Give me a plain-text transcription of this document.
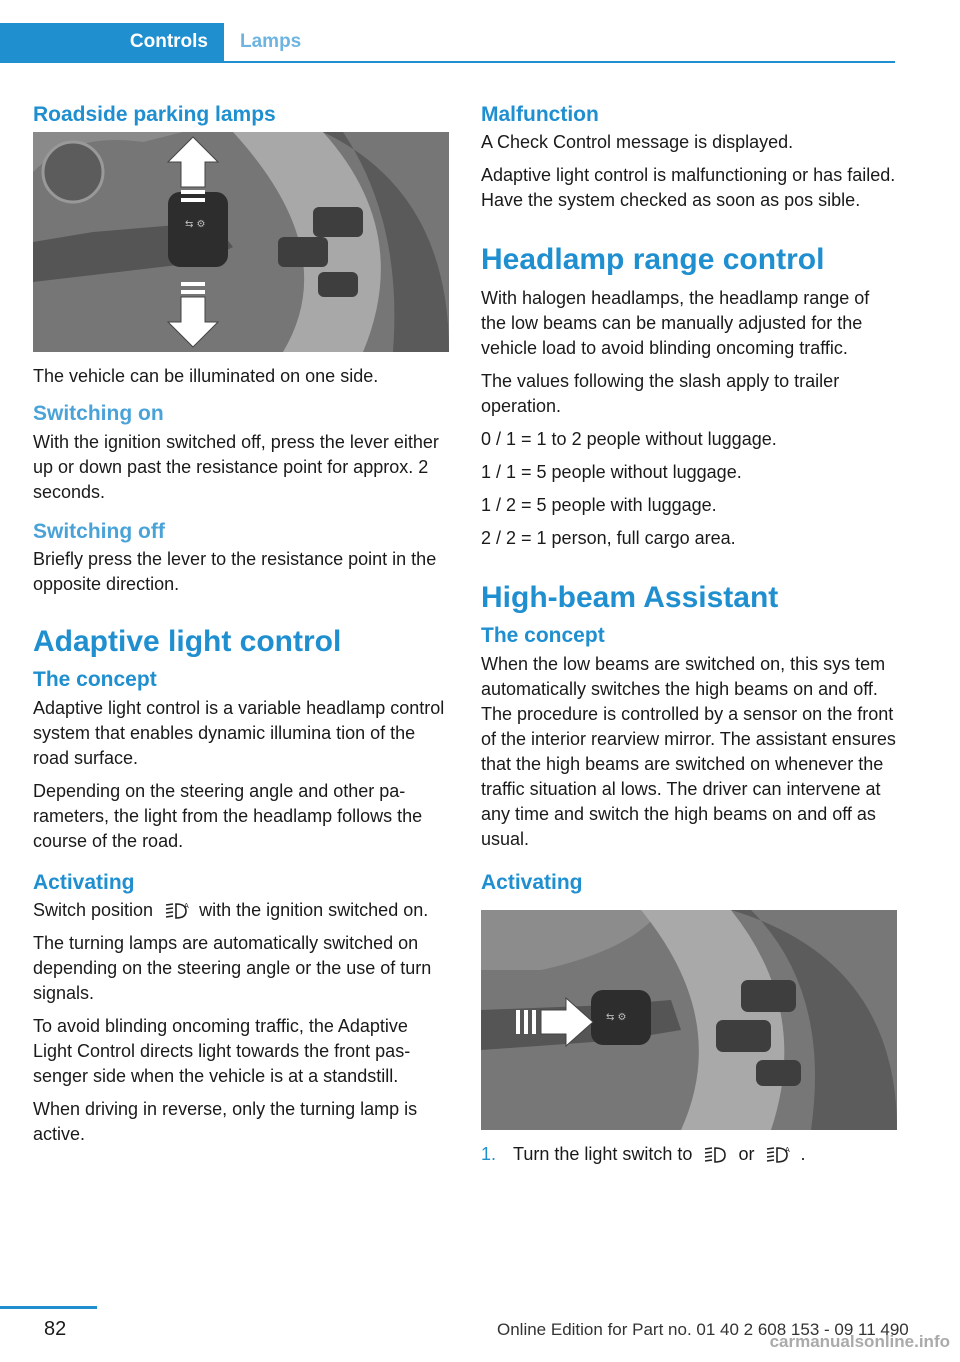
Controls	Lamps
Roadside parking lamps
⇆ ⚙

The vehicle can be illuminated on one side.

Switching on

With the ignition switched off, press the lever either up or down past the resistance point for approx. 2 seconds.

Switching off

Briefly press the lever to the resistance point in the opposite direction.

Adaptive light control
The concept

Adaptive light control is a variable headlamp control system that enables dynamic illumina tion of the road surface.

Depending on the steering angle and other pa rameters, the light from the headlamp follows the course of the road.

Activating

Switch position	A with the ignition switched on.

The turning lamps are automatically switched on depending on the steering angle or the use of turn signals.

To avoid blinding oncoming traffic, the Adaptive Light Control directs light towards the front pas senger side when the vehicle is at a standstill.

When driving in reverse, only the turning lamp is active.

Malfunction

A Check Control message is displayed.

Adaptive light control is malfunctioning or has failed. Have the system checked as soon as pos sible.

Headlamp range control

With halogen headlamps, the headlamp range of the low beams can be manually adjusted for the vehicle load to avoid blinding oncoming traffic.

The values following the slash apply to trailer operation.

0 / 1 = 1 to 2 people without luggage.

1 / 1 = 5 people without luggage.

1 / 2 = 5 people with luggage.

2 / 2 = 1 person, full cargo area.

High-beam Assistant
The concept

When the low beams are switched on, this sys tem automatically switches the high beams on and off. The procedure is controlled by a sensor on the front of the interior rearview mirror. The assistant ensures that the high beams are switched on whenever the traffic situation al lows. The driver can intervene at any time and switch the high beams on and off as usual.

Activating
⇆ ⚙
1. Turn the light switch to	or	A .
82	Online Edition for Part no. 01 40 2 608 153 - 09 11 490
carmanualsonline.info
